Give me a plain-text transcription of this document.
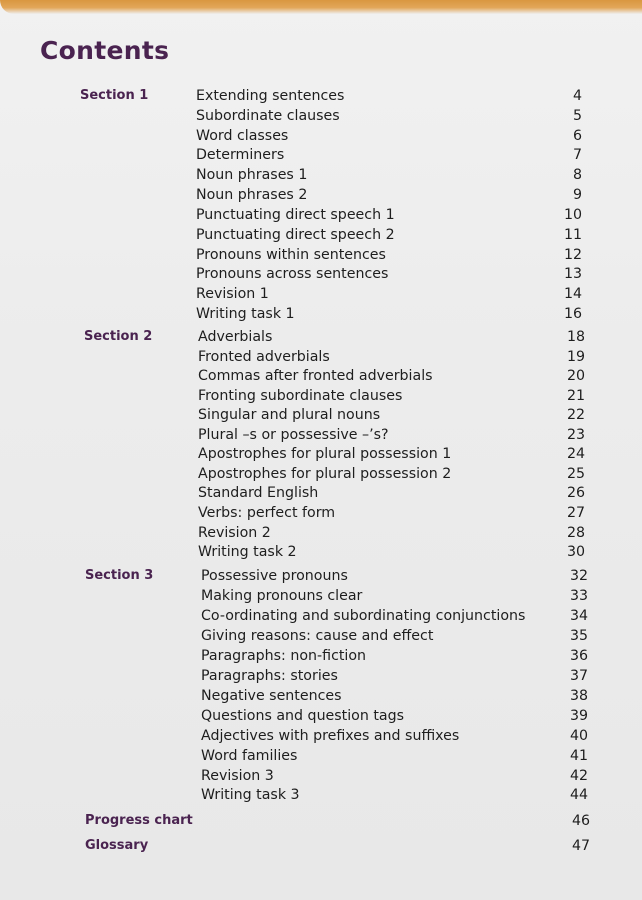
Contents
Section 1	Extending sentences	4
Subordinate clauses	5
Word classes	6
Determiners	7
Noun phrases 1	8
Noun phrases 2	9
Punctuating direct speech 1	10
Punctuating direct speech 2	11
Pronouns within sentences	12
Pronouns across sentences	13
Revision 1	14
Writing task 1	16
Section 2	Adverbials	18
Fronted adverbials	19
Commas after fronted adverbials	20
Fronting subordinate clauses	21
Singular and plural nouns	22
Plural –s or possessive –’s?	23
Apostrophes for plural possession 1	24
Apostrophes for plural possession 2	25
Standard English	26
Verbs: perfect form	27
Revision 2	28
Writing task 2	30
Section 3	Possessive pronouns	32
Making pronouns clear	33
Co-ordinating and subordinating conjunctions	34
Giving reasons: cause and effect	35
Paragraphs: non-fiction	36
Paragraphs: stories	37
Negative sentences	38
Questions and question tags	39
Adjectives with prefixes and suffixes	40
Word families	41
Revision 3	42
Writing task 3	44
Progress chart	46
Glossary	47
